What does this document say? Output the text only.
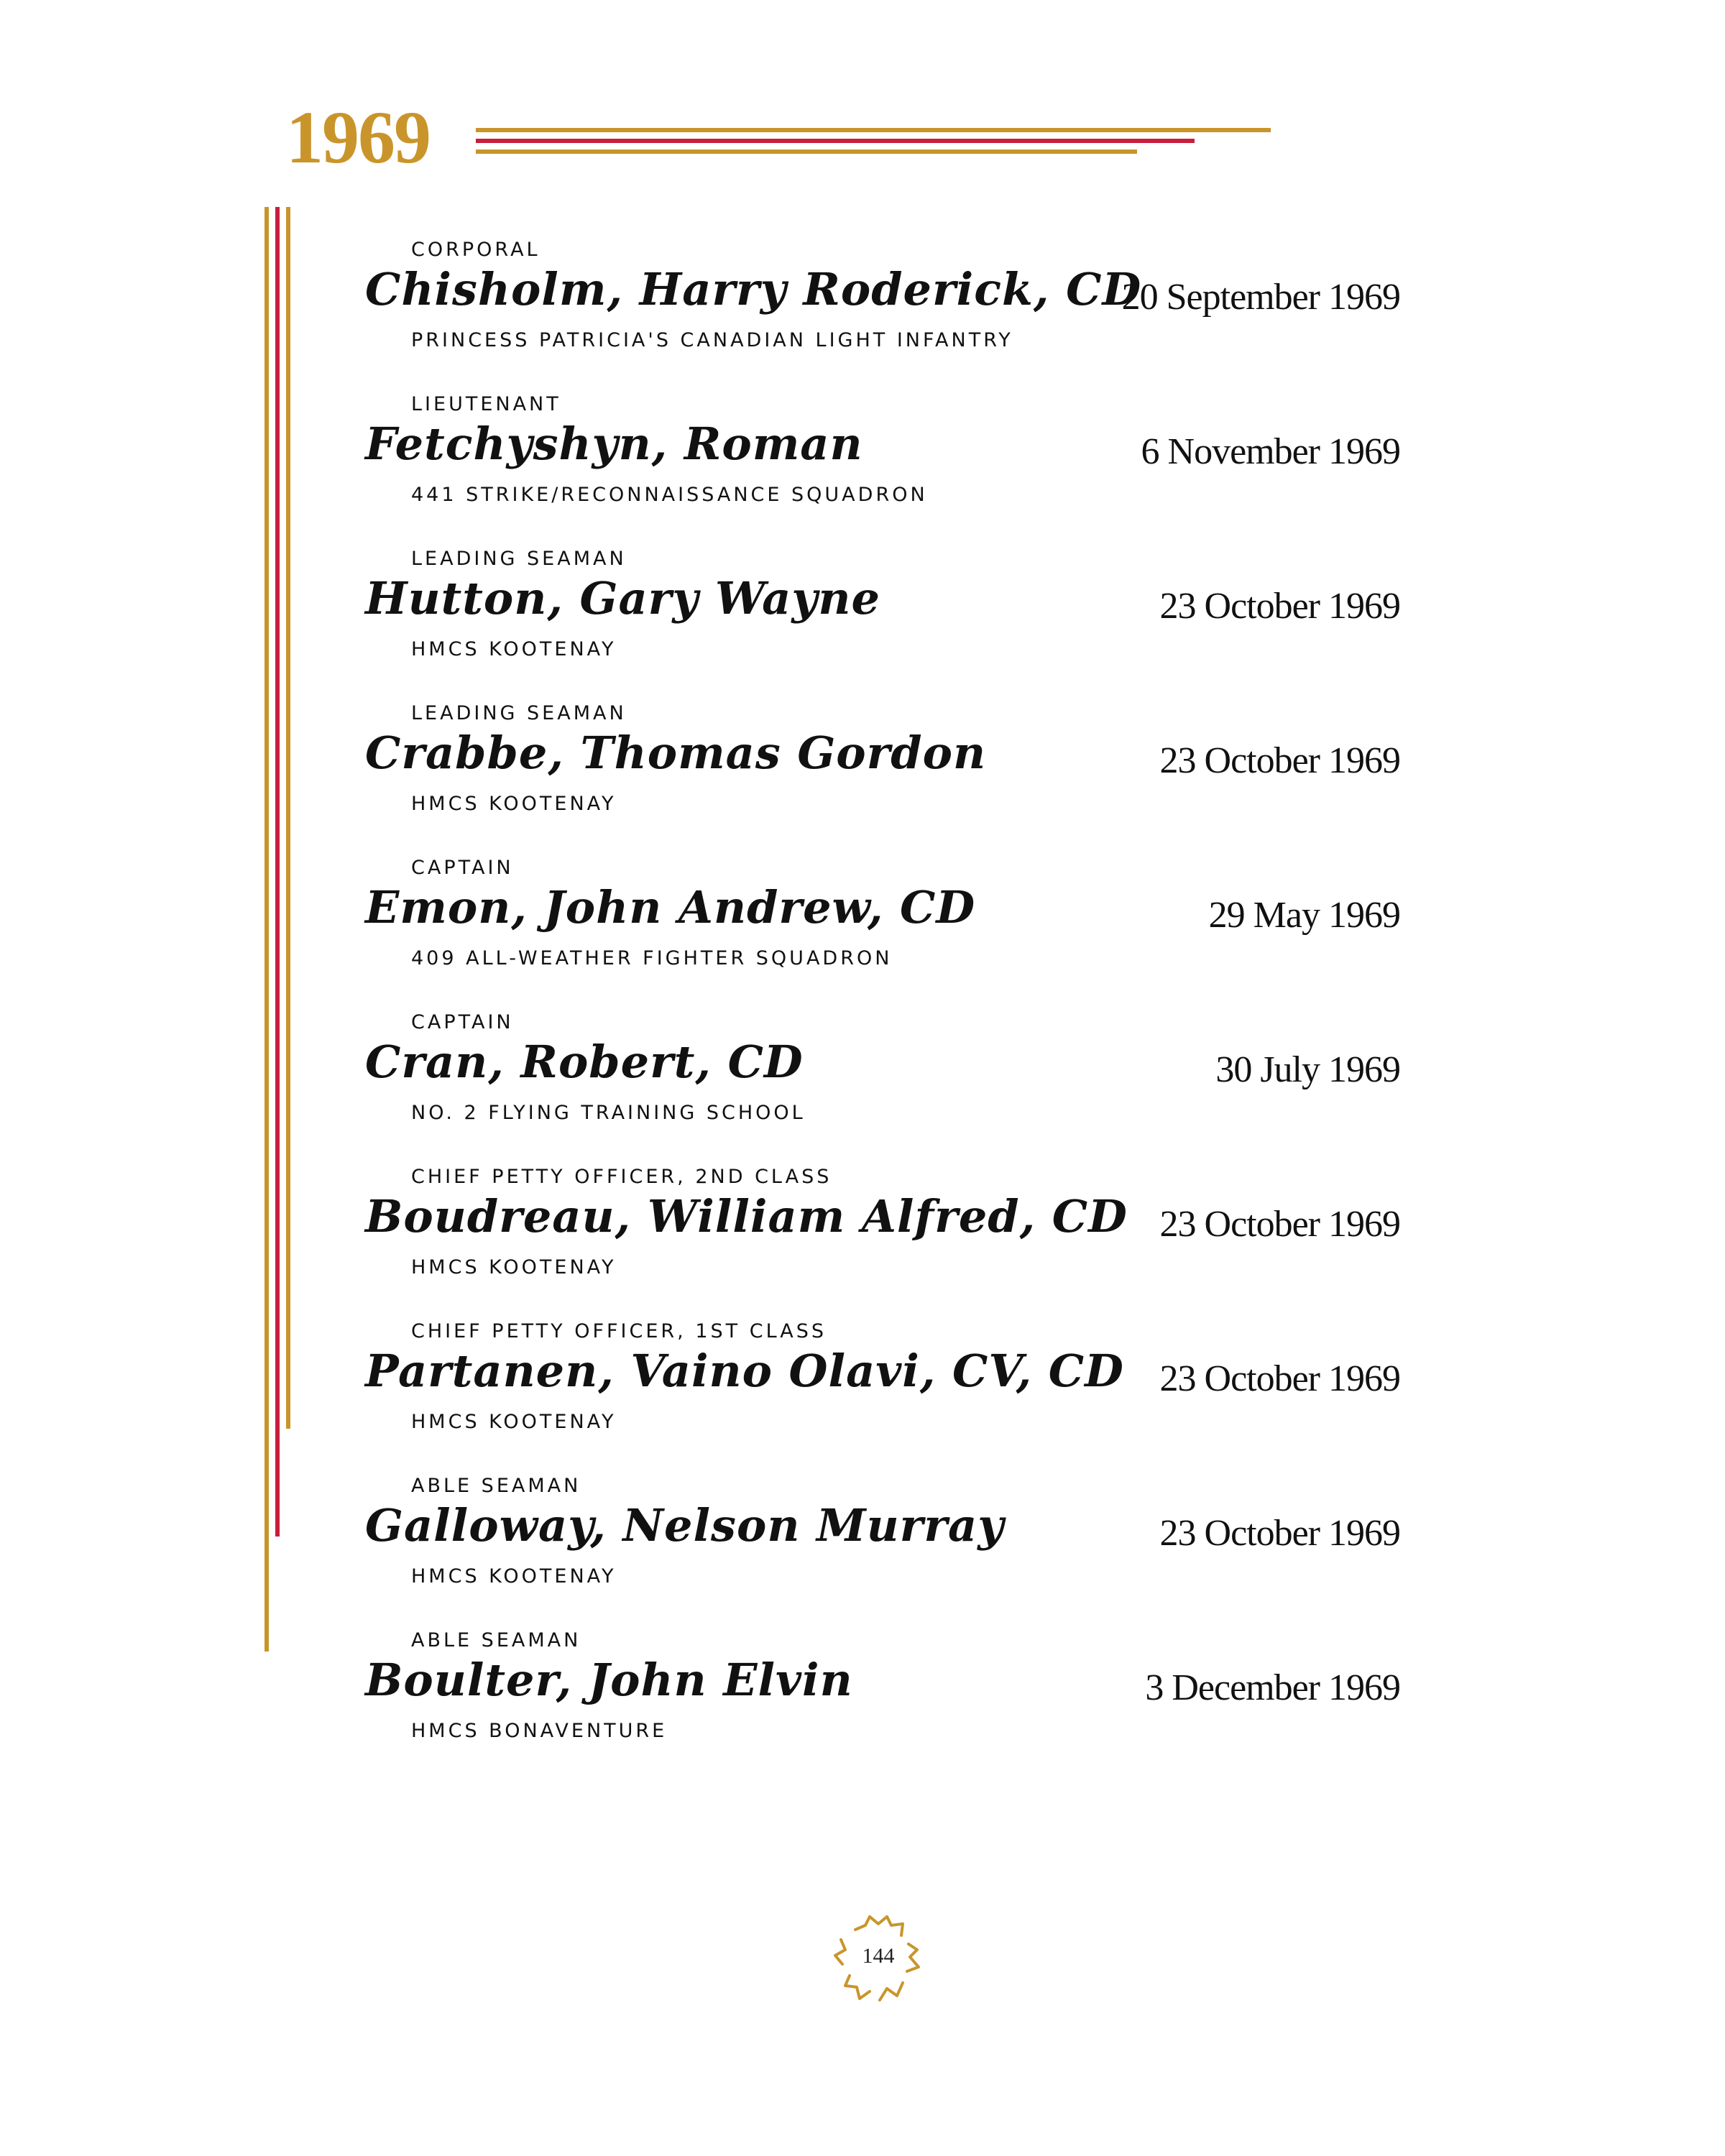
1969
CORPORAL
Chisholm, Harry Roderick, CD
PRINCESS PATRICIA'S CANADIAN LIGHT INFANTRY
20 September 1969
LIEUTENANT
Fetchyshyn, Roman
441 STRIKE/RECONNAISSANCE SQUADRON
6 November 1969
LEADING SEAMAN
Hutton, Gary Wayne
HMCS KOOTENAY
23 October 1969
LEADING SEAMAN
Crabbe, Thomas Gordon
HMCS KOOTENAY
23 October 1969
CAPTAIN
Emon, John Andrew, CD
409 ALL-WEATHER FIGHTER SQUADRON
29 May 1969
CAPTAIN
Cran, Robert, CD
NO. 2 FLYING TRAINING SCHOOL
30 July 1969
CHIEF PETTY OFFICER, 2ND CLASS
Boudreau, William Alfred, CD
HMCS KOOTENAY
23 October 1969
CHIEF PETTY OFFICER, 1ST CLASS
Partanen, Vaino Olavi, CV, CD
HMCS KOOTENAY
23 October 1969
ABLE SEAMAN
Galloway, Nelson Murray
HMCS KOOTENAY
23 October 1969
ABLE SEAMAN
Boulter, John Elvin
HMCS BONAVENTURE
3 December 1969
144
